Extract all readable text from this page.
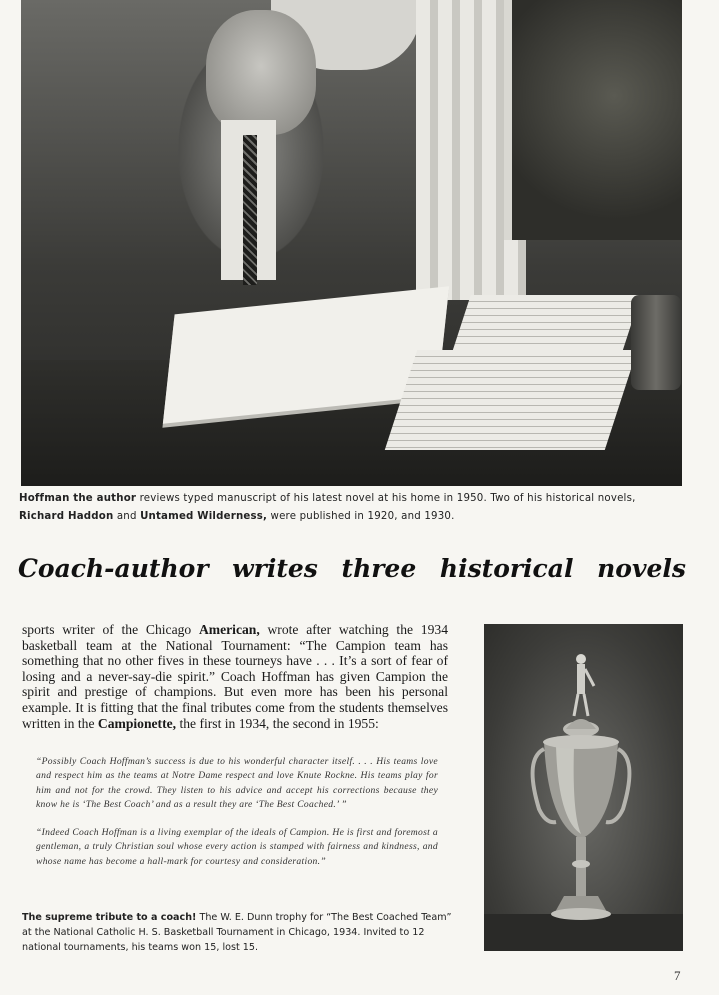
Hoffman the author reviews typed manuscript of his latest novel at his home in 1950. Two of his historical novels,
Richard Haddon and Untamed Wilderness, were published in 1920, and 1930.
Coach-author writes three historical novels
sports writer of the Chicago American, wrote after watching the 1934 basketball team at the National Tournament: “The Campion team has something that no other fives in these tourneys have . . . It’s a sort of fear of losing and a never-say-die spirit.” Coach Hoffman has given Campion the spirit and prestige of champions. But even more has been his personal example. It is fitting that the final tributes come from the students themselves written in the Campionette, the first in 1934, the second in 1955:
“Possibly Coach Hoffman’s success is due to his wonderful character itself. . . . His teams love and respect him as the teams at Notre Dame respect and love Knute Rockne. His teams play for him and not for the crowd. They listen to his advice and accept his corrections because they know he is ‘The Best Coach’ and as a result they are ‘The Best Coached.’ ”
“Indeed Coach Hoffman is a living exemplar of the ideals of Campion. He is first and foremost a gentleman, a truly Christian soul whose every action is stamped with fairness and kindness, and whose name has become a hall-mark for courtesy and consideration.”
The supreme tribute to a coach! The W. E. Dunn trophy for “The Best Coached Team” at the National Catholic H. S. Basketball Tournament in Chicago, 1934. Invited to 12 national tournaments, his teams won 15, lost 15.
7
